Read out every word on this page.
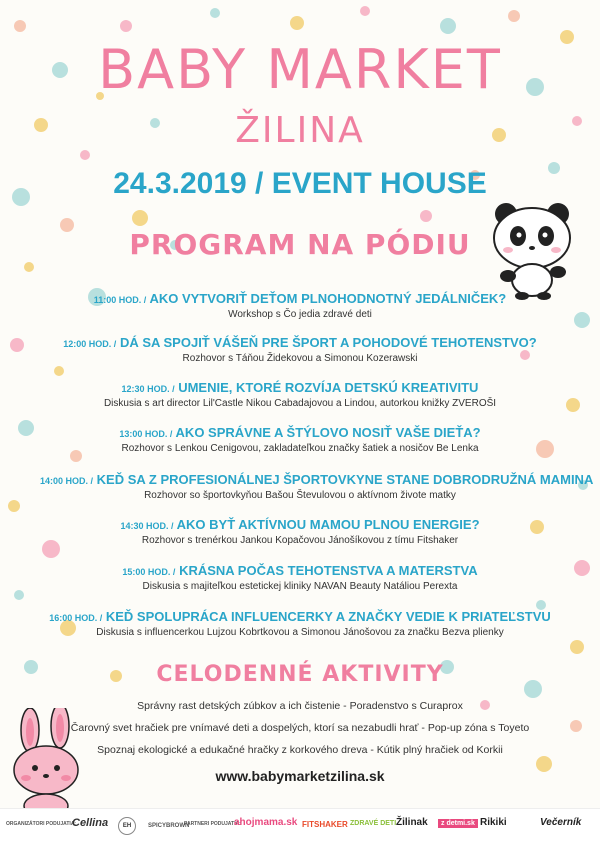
BABY MARKET
ŽILINA
24.3.2019 / EVENT HOUSE
PROGRAM NA PÓDIU
11:00 HOD. / AKO VYTVORIŤ DEŤOM PLNOHODNOTNÝ JEDÁLNIČEK?
Workshop s Čo jedia zdravé deti
12:00 HOD. / DÁ SA SPOJIŤ VÁŠEŇ PRE ŠPORT A POHODOVÉ TEHOTENSTVO?
Rozhovor s Táňou Židekovou a Simonou Kozerawski
12:30 HOD. / UMENIE, KTORÉ ROZVÍJA DETSKÚ KREATIVITU
Diskusia s art director Lil'Castle Nikou Cabadajovou a Lindou, autorkou knižky ZVEROŠI
13:00 HOD. / AKO SPRÁVNE A ŠTÝLOVO NOSIŤ VAŠE DIEŤA?
Rozhovor s Lenkou Cenigovou, zakladateľkou značky šatiek a nosičov Be Lenka
14:00 HOD. / KEĎ SA Z PROFESIONÁLNEJ ŠPORTOVKYNE STANE DOBRODRUŽNÁ MAMINA
Rozhovor so športovkyňou Bašou Števulovou o aktívnom živote matky
14:30 HOD. / AKO BYŤ AKTÍVNOU MAMOU PLNOU ENERGIE?
Rozhovor s trenérkou Jankou Kopačovou Jánošíkovou z tímu Fitshaker
15:00 HOD. / KRÁSNA POČAS TEHOTENSTVA A MATERSTVA
Diskusia s majiteľkou estetickej kliniky NAVAN Beauty Natáliou Perexta
16:00 HOD. / KEĎ SPOLUPRÁCA INFLUENCERKY A ZNAČKY VEDIE K PRIATEĽSTVU
Diskusia s influencerkou Lujzou Kobrtkovou a Simonou Jánošovou za značku Bezva plienky
CELODENNÉ AKTIVITY
Správny rast detských zúbkov a ich čistenie - Poradenstvo s Curaprox
Čarovný svet hračiek pre vnímavé deti a dospelých, ktorí sa nezabudli hrať - Pop-up zóna s Toyeto
Spoznaj ekologické a edukačné hračky z korkového dreva - Kútik plný hračiek od Korkii
www.babymarketzilina.sk
ORGANIZÁTORI PODUJATIA:
Cellina	EH	SPICYBROWN
PARTNERI PODUJATIA:
ahojmama.sk FITSHAKER ZDRAVÉ DETI Žilinak	z detmi.sk Rikiki	Večerník
